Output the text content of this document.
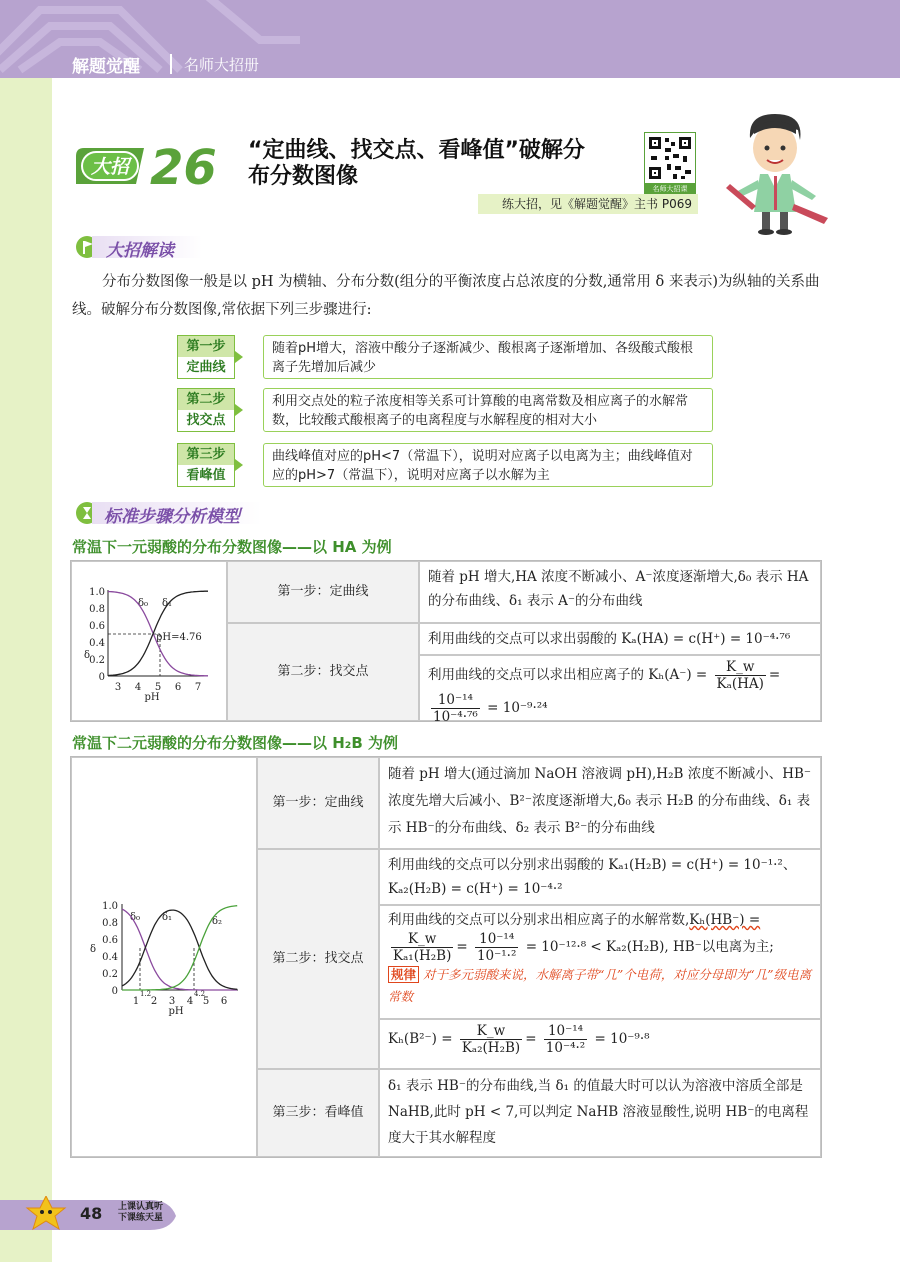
解题觉醒	名师大招册
大招 26 “定曲线、找交点、看峰值”破解分
布分数图像	名师大招课
练大招，见《解题觉醒》主书 P069
大招解读
分布分数图像一般是以 pH 为横轴、分布分数(组分的平衡浓度占总浓度的分数,通常用 δ 来表示)为纵轴的关系曲线。破解分布分数图像,常依据下列三步骤进行:
第一步
定曲线
随着pH增大，溶液中酸分子逐渐减少、酸根离子逐渐增加、各级酸式酸根离子先增加后减少
第二步
找交点
利用交点处的粒子浓度相等关系可计算酸的电离常数及相应离子的水解常数，比较酸式酸根离子的电离程度与水解程度的相对大小
第三步
看峰值
曲线峰值对应的pH<7（常温下），说明对应离子以电离为主；曲线峰值对应的pH>7（常温下），说明对应离子以水解为主
标准步骤分析模型
常温下一元弱酸的分布分数图像——以 HA 为例
δ
pH
0
0.2
0.4
0.6
0.8
1.0
3 4 5 6 7
δ₀ δ₁
pH=4.76
第一步：定曲线
随着 pH 增大,HA 浓度不断减小、A⁻浓度逐渐增大,δ₀ 表示 HA 的分布曲线、δ₁ 表示 A⁻的分布曲线
第二步：找交点
利用曲线的交点可以求出弱酸的 Kₐ(HA) = c(H⁺) = 10⁻⁴·⁷⁶
利用曲线的交点可以求出相应离子的 $K_h(A^-) = \frac{K\_w}{\text{Kₐ(HA)}}$ =
$\frac{\text{10⁻¹⁴}}{\text{10⁻⁴·⁷⁶}} = 10^{-9}\cdot^{24}$
常温下二元弱酸的分布分数图像——以 H₂B 为例
δ
pH
0
0.2
0.4
0.6
0.8
1.0
1 2 3 4 5 6
1.2	4.2
δ₀ δ₁	δ₂
第一步：定曲线
随着 pH 增大(通过滴加 NaOH 溶液调 pH),H₂B 浓度不断减小、HB⁻浓度先增大后减小、B²⁻浓度逐渐增大,δ₀ 表示 H₂B 的分布曲线、δ₁ 表示 HB⁻的分布曲线、δ₂ 表示 B²⁻的分布曲线
第二步：找交点
利用曲线的交点可以分别求出弱酸的 Kₐ₁(H₂B) = c(H⁺) = 10⁻¹·²、Kₐ₂(H₂B) = c(H⁺) = 10⁻⁴·²
利用曲线的交点可以分别求出相应离子的水解常数,Kₕ(HB⁻) =

$\frac{K\_w}{\text{Kₐ₁(H₂B)}} = \frac{\text{10⁻¹⁴}}{\text{10⁻¹·²}} = 10^{-12}\cdot^8 < K_{a2}(H_2B)$, HB⁻以电离为主;
规律 对于多元弱酸来说，水解离子带“几”个电荷，对应分母即为“几”级电离常数
$K_h(B^{2-}) = \frac{K\_w}{\text{Kₐ₂(H₂B)}} = \frac{\text{10⁻¹⁴}}{\text{10⁻⁴·²}} = 10^{-9}\cdot^8$
第三步：看峰值
δ₁ 表示 HB⁻的分布曲线,当 δ₁ 的值最大时可以认为溶液中溶质全部是 NaHB,此时 pH < 7,可以判定 NaHB 溶液显酸性,说明 HB⁻的电离程度大于其水解程度
48 上课认真听
下课练天星
